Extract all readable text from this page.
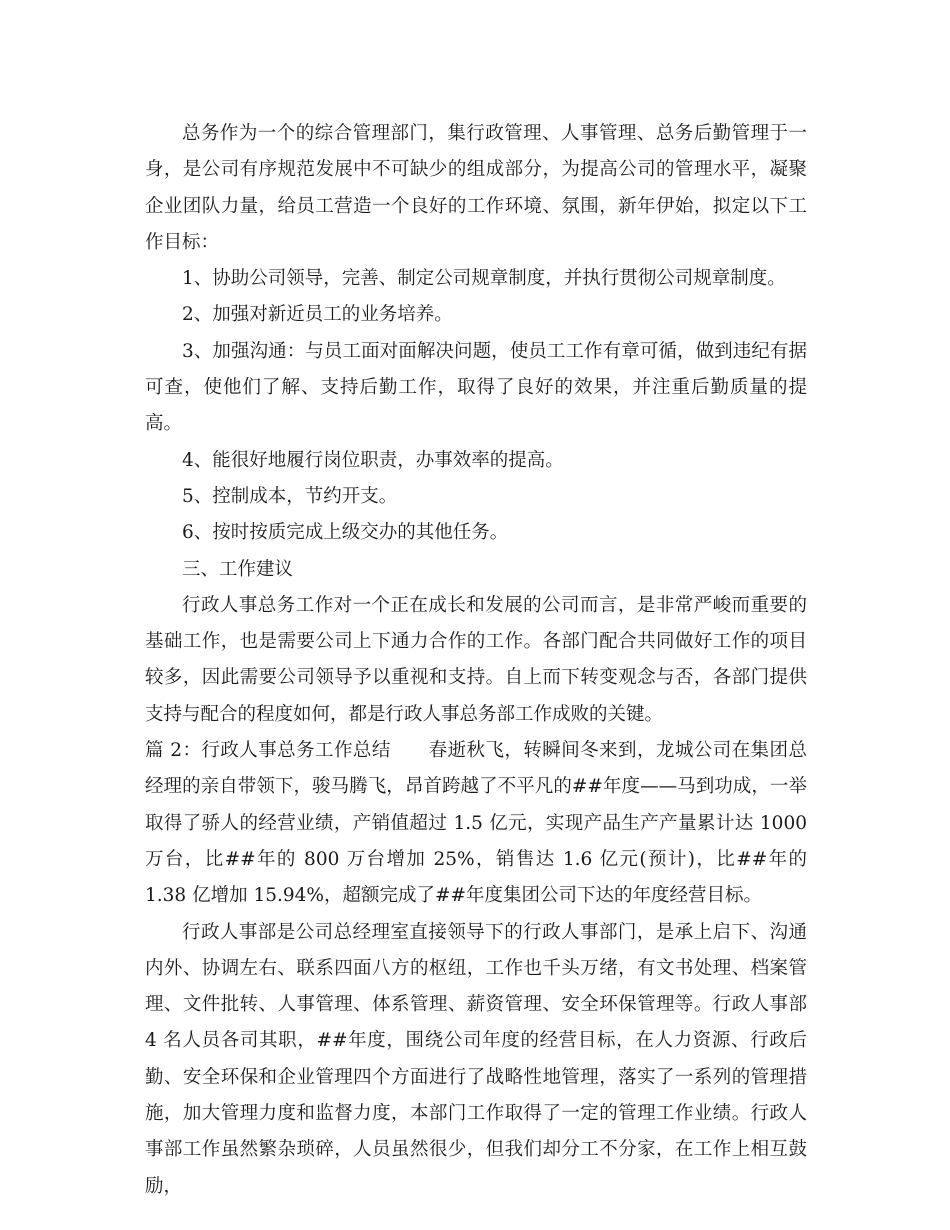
总务作为一个的综合管理部门，集行政管理、人事管理、总务后勤管理于一身，是公司有序规范发展中不可缺少的组成部分，为提高公司的管理水平，凝聚企业团队力量，给员工营造一个良好的工作环境、氛围，新年伊始，拟定以下工作目标：

1、协助公司领导，完善、制定公司规章制度，并执行贯彻公司规章制度。

2、加强对新近员工的业务培养。

3、加强沟通：与员工面对面解决问题，使员工工作有章可循，做到违纪有据可查，使他们了解、支持后勤工作，取得了良好的效果，并注重后勤质量的提高。

4、能很好地履行岗位职责，办事效率的提高。

5、控制成本，节约开支。

6、按时按质完成上级交办的其他任务。

三、工作建议

行政人事总务工作对一个正在成长和发展的公司而言，是非常严峻而重要的基础工作，也是需要公司上下通力合作的工作。各部门配合共同做好工作的项目较多，因此需要公司领导予以重视和支持。自上而下转变观念与否，各部门提供支持与配合的程度如何，都是行政人事总务部工作成败的关键。

篇 2：行政人事总务工作总结　　春逝秋飞，转瞬间冬来到，龙城公司在集团总经理的亲自带领下，骏马腾飞，昂首跨越了不平凡的##年度——马到功成，一举取得了骄人的经营业绩，产销值超过 1.5 亿元，实现产品生产产量累计达 1000 万台，比##年的 800 万台增加 25%，销售达 1.6 亿元(预计)，比##年的 1.38 亿增加 15.94%，超额完成了##年度集团公司下达的年度经营目标。

行政人事部是公司总经理室直接领导下的行政人事部门，是承上启下、沟通内外、协调左右、联系四面八方的枢纽，工作也千头万绪，有文书处理、档案管理、文件批转、人事管理、体系管理、薪资管理、安全环保管理等。行政人事部 4 名人员各司其职，##年度，围绕公司年度的经营目标，在人力资源、行政后勤、安全环保和企业管理四个方面进行了战略性地管理，落实了一系列的管理措施，加大管理力度和监督力度，本部门工作取得了一定的管理工作业绩。行政人事部工作虽然繁杂琐碎，人员虽然很少，但我们却分工不分家，在工作上相互鼓励，
